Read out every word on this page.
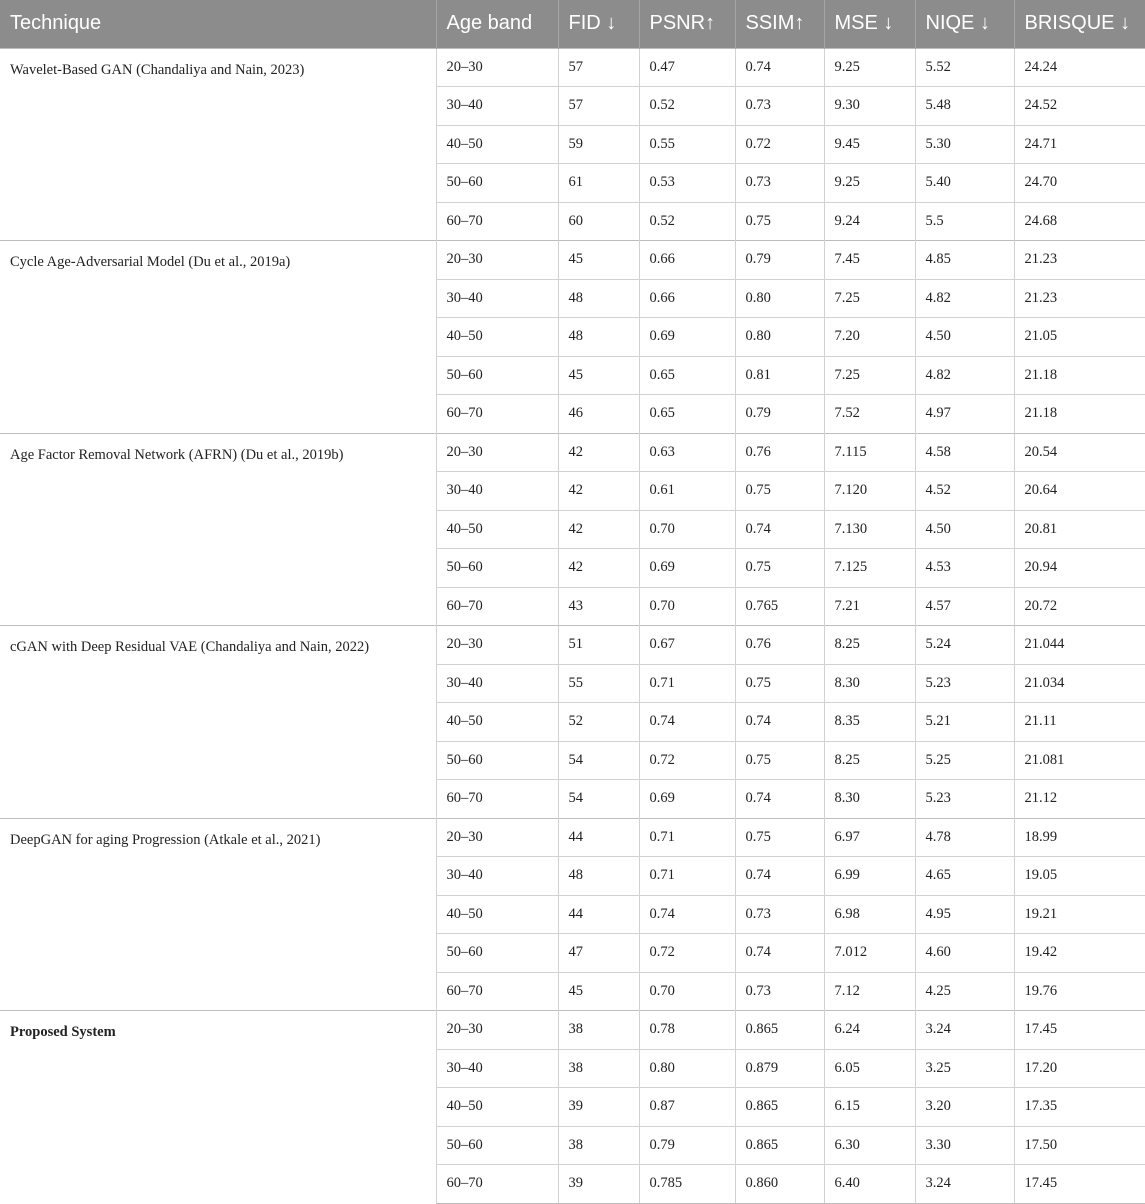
Technique	Age band	FID ↓	PSNR↑	SSIM↑	MSE ↓	NIQE ↓	BRISQUE ↓
Wavelet-Based GAN (Chandaliya and Nain, 2023)	20–30	57	0.47	0.74	9.25	5.52	24.24
	30–40	57	0.52	0.73	9.30	5.48	24.52
	40–50	59	0.55	0.72	9.45	5.30	24.71
	50–60	61	0.53	0.73	9.25	5.40	24.70
	60–70	60	0.52	0.75	9.24	5.5	24.68
Cycle Age-Adversarial Model (Du et al., 2019a)	20–30	45	0.66	0.79	7.45	4.85	21.23
	30–40	48	0.66	0.80	7.25	4.82	21.23
	40–50	48	0.69	0.80	7.20	4.50	21.05
	50–60	45	0.65	0.81	7.25	4.82	21.18
	60–70	46	0.65	0.79	7.52	4.97	21.18
Age Factor Removal Network (AFRN) (Du et al., 2019b)	20–30	42	0.63	0.76	7.115	4.58	20.54
	30–40	42	0.61	0.75	7.120	4.52	20.64
	40–50	42	0.70	0.74	7.130	4.50	20.81
	50–60	42	0.69	0.75	7.125	4.53	20.94
	60–70	43	0.70	0.765	7.21	4.57	20.72
cGAN with Deep Residual VAE (Chandaliya and Nain, 2022)	20–30	51	0.67	0.76	8.25	5.24	21.044
	30–40	55	0.71	0.75	8.30	5.23	21.034
	40–50	52	0.74	0.74	8.35	5.21	21.11
	50–60	54	0.72	0.75	8.25	5.25	21.081
	60–70	54	0.69	0.74	8.30	5.23	21.12
DeepGAN for aging Progression (Atkale et al., 2021)	20–30	44	0.71	0.75	6.97	4.78	18.99
	30–40	48	0.71	0.74	6.99	4.65	19.05
	40–50	44	0.74	0.73	6.98	4.95	19.21
	50–60	47	0.72	0.74	7.012	4.60	19.42
	60–70	45	0.70	0.73	7.12	4.25	19.76
Proposed System	20–30	38	0.78	0.865	6.24	3.24	17.45
	30–40	38	0.80	0.879	6.05	3.25	17.20
	40–50	39	0.87	0.865	6.15	3.20	17.35
	50–60	38	0.79	0.865	6.30	3.30	17.50
	60–70	39	0.785	0.860	6.40	3.24	17.45
